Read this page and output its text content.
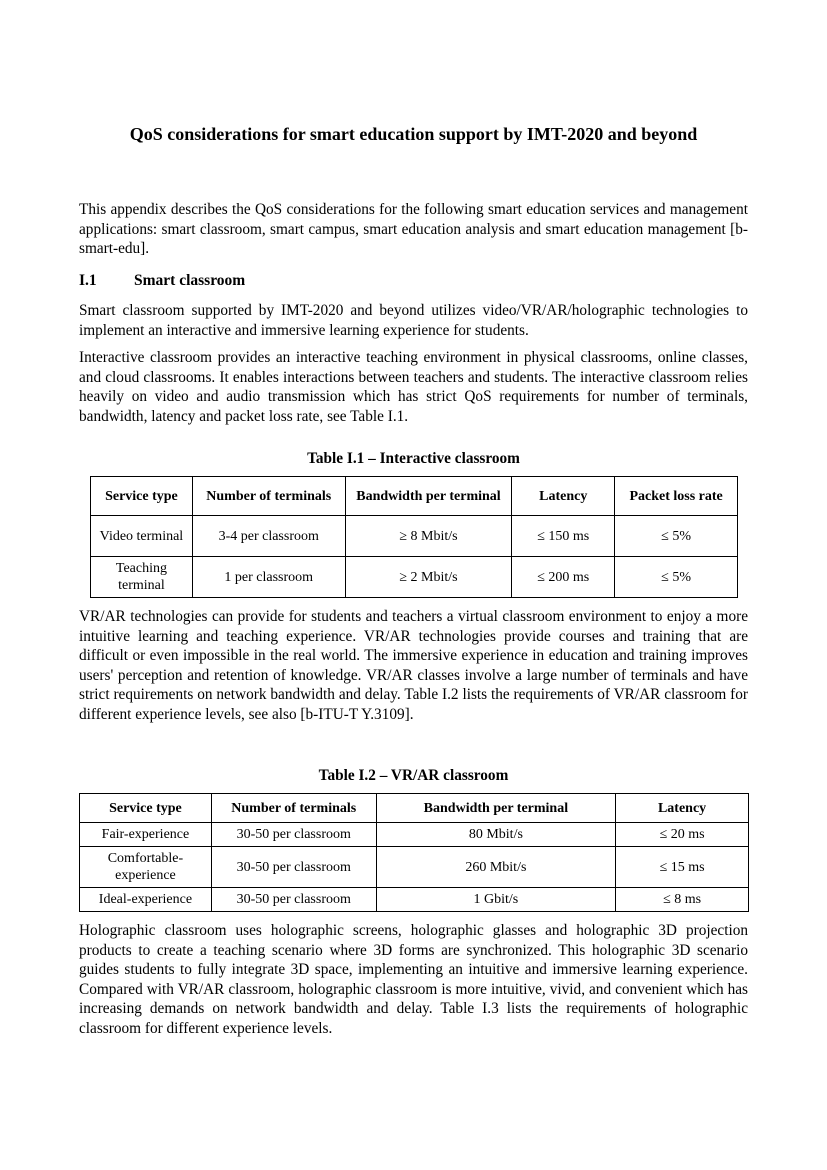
QoS considerations for smart education support by IMT-2020 and beyond

This appendix describes the QoS considerations for the following smart education services and management applications: smart classroom, smart campus, smart education analysis and smart education management [b-smart-edu].

I.1 Smart classroom

Smart classroom supported by IMT-2020 and beyond utilizes video/VR/AR/holographic technologies to implement an interactive and immersive learning experience for students.

Interactive classroom provides an interactive teaching environment in physical classrooms, online classes, and cloud classrooms. It enables interactions between teachers and students. The interactive classroom relies heavily on video and audio transmission which has strict QoS requirements for number of terminals, bandwidth, latency and packet loss rate, see Table I.1.

Table I.1 – Interactive classroom
Service type	Number of terminals	Bandwidth per terminal	Latency	Packet loss rate
Video terminal	3-4 per classroom	≥ 8 Mbit/s	≤ 150 ms	≤ 5%
Teaching terminal	1 per classroom	≥ 2 Mbit/s	≤ 200 ms	≤ 5%

VR/AR technologies can provide for students and teachers a virtual classroom environment to enjoy a more intuitive learning and teaching experience. VR/AR technologies provide courses and training that are difficult or even impossible in the real world. The immersive experience in education and training improves users' perception and retention of knowledge. VR/AR classes involve a large number of terminals and have strict requirements on network bandwidth and delay. Table I.2 lists the requirements of VR/AR classroom for different experience levels, see also [b-ITU-T Y.3109].

Table I.2 – VR/AR classroom
Service type	Number of terminals	Bandwidth per terminal	Latency
Fair-experience	30-50 per classroom	80 Mbit/s	≤ 20 ms
Comfortable-experience	30-50 per classroom	260 Mbit/s	≤ 15 ms
Ideal-experience	30-50 per classroom	1 Gbit/s	≤ 8 ms

Holographic classroom uses holographic screens, holographic glasses and holographic 3D projection products to create a teaching scenario where 3D forms are synchronized. This holographic 3D scenario guides students to fully integrate 3D space, implementing an intuitive and immersive learning experience. Compared with VR/AR classroom, holographic classroom is more intuitive, vivid, and convenient which has increasing demands on network bandwidth and delay. Table I.3 lists the requirements of holographic classroom for different experience levels.
